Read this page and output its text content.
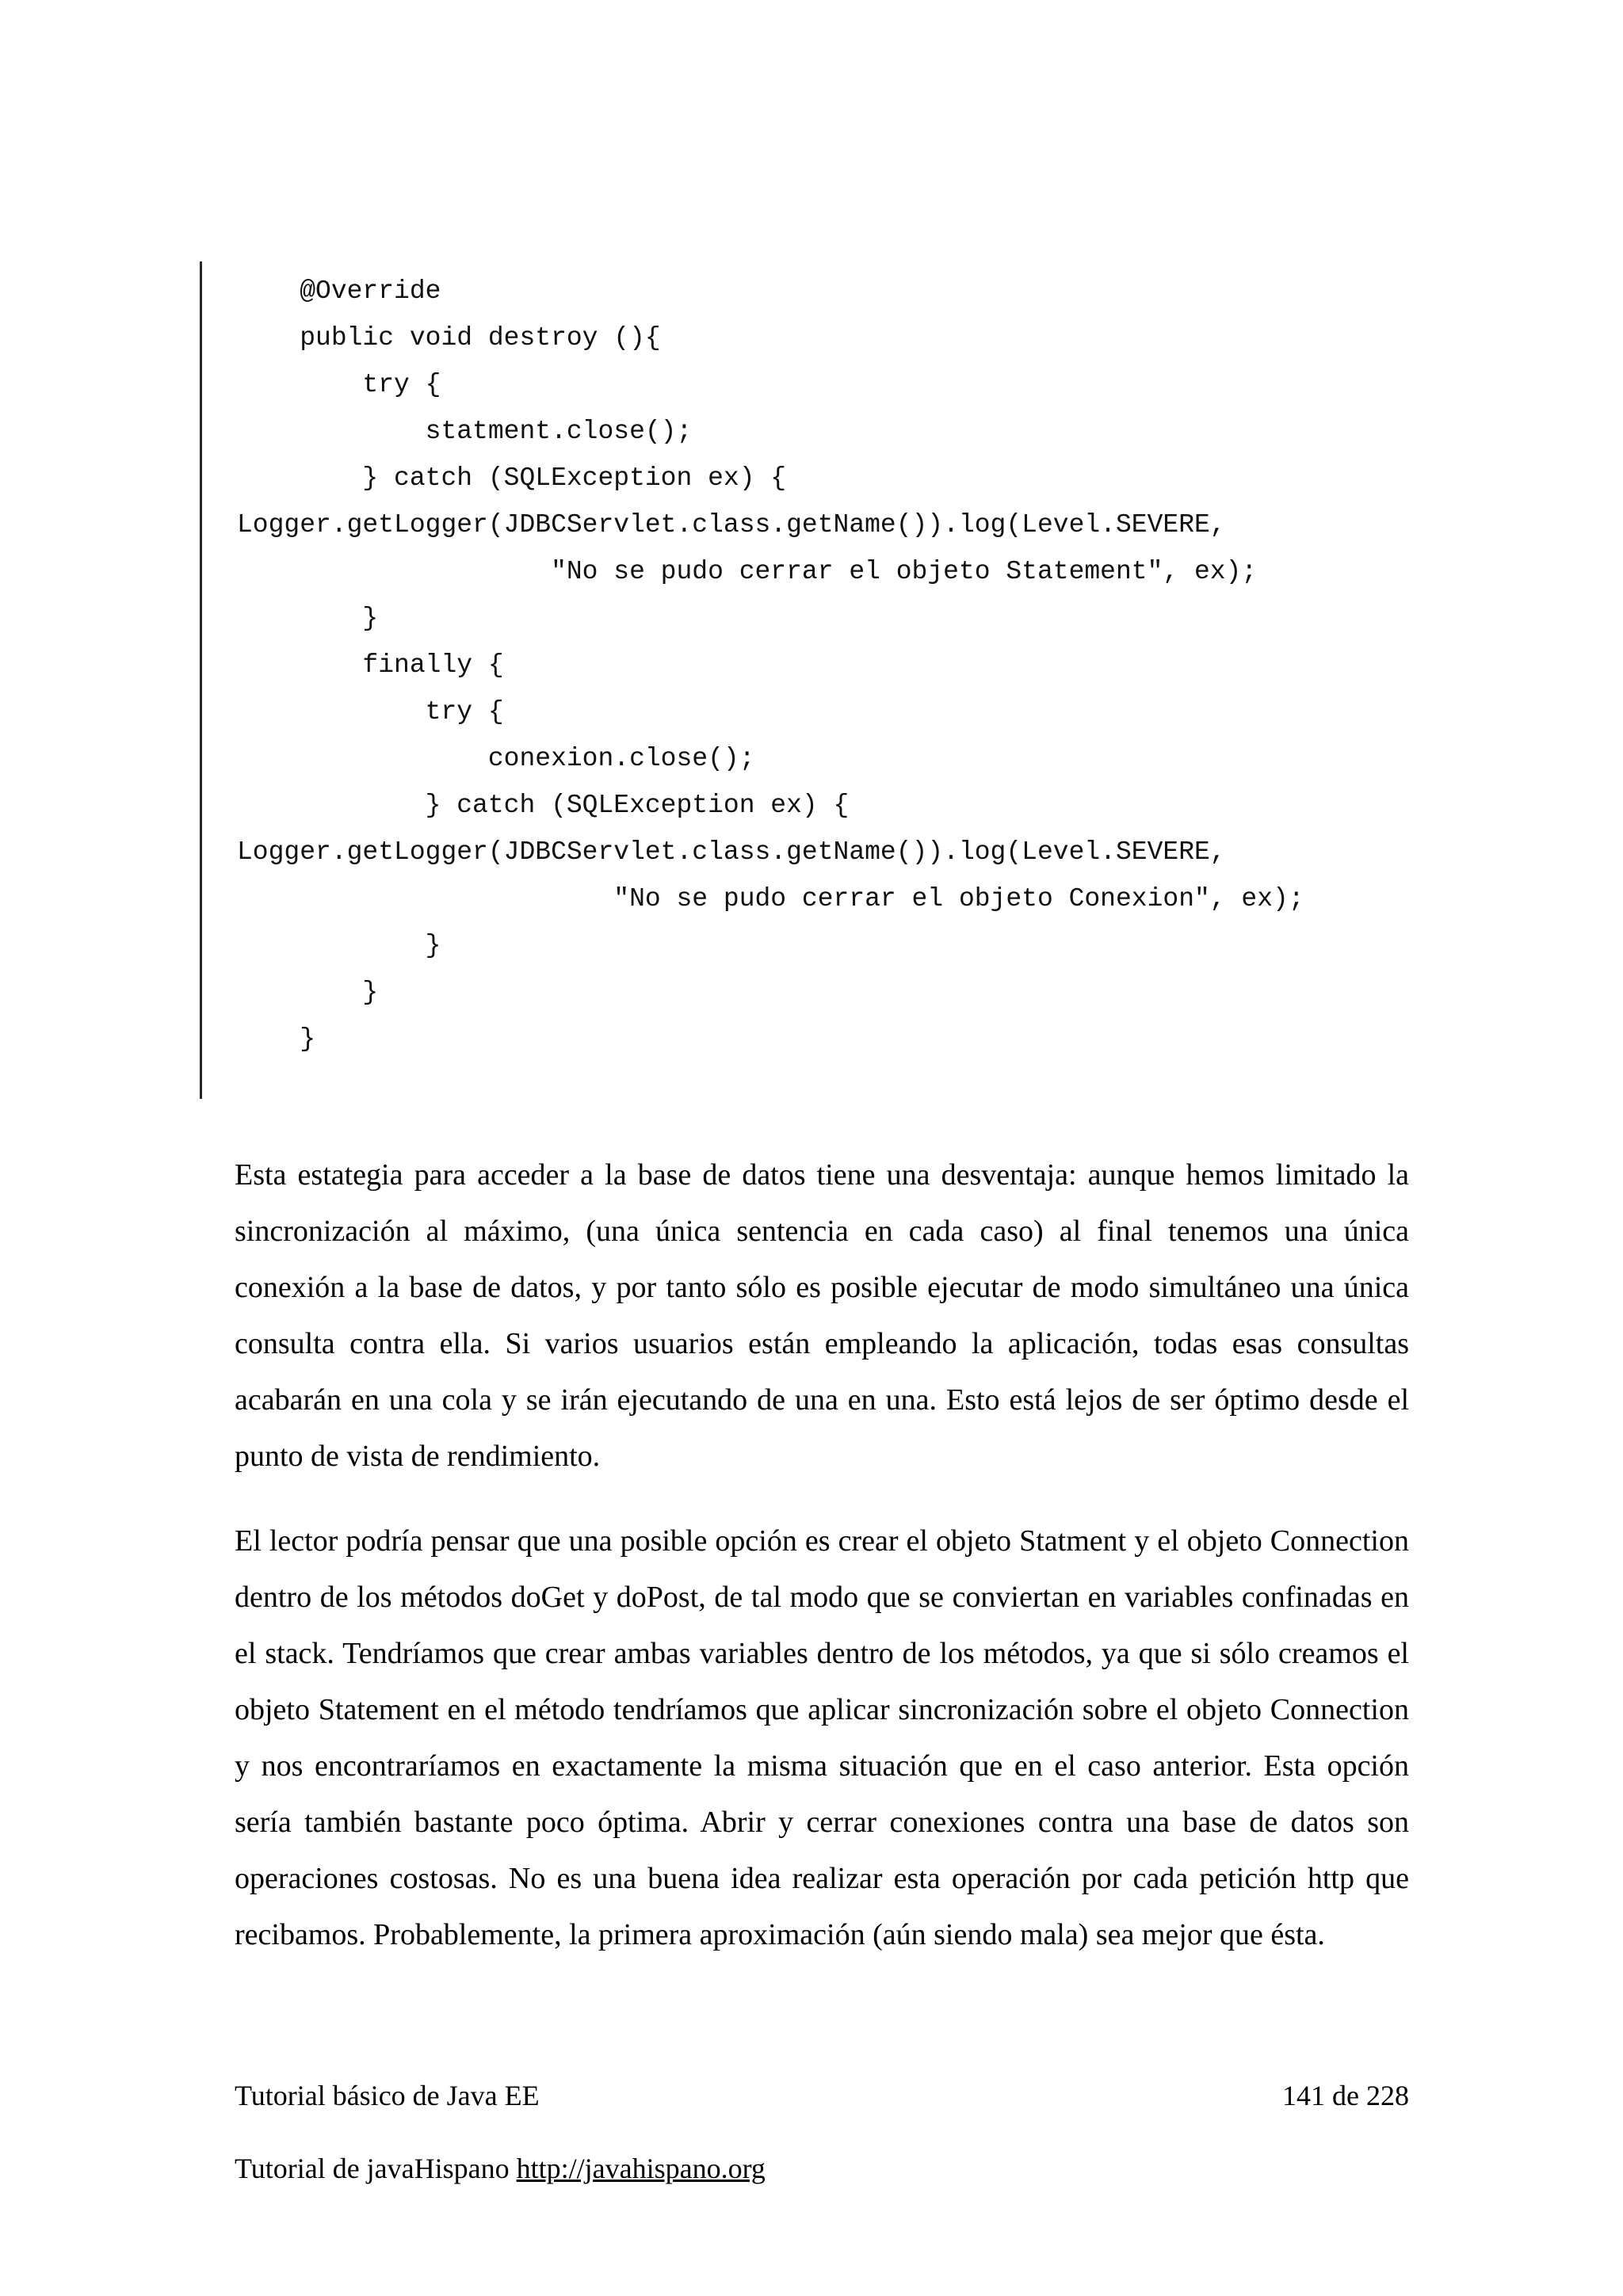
@Override
public void destroy (){
try {
statment.close();
} catch (SQLException ex) {
Logger.getLogger(JDBCServlet.class.getName()).log(Level.SEVERE,
"No se pudo cerrar el objeto Statement", ex);
}
finally {
try {
conexion.close();
} catch (SQLException ex) {
Logger.getLogger(JDBCServlet.class.getName()).log(Level.SEVERE,
"No se pudo cerrar el objeto Conexion", ex);
}
}
}

Esta estategia para acceder a la base de datos tiene una desventaja: aunque hemos limitado la sincronización al máximo, (una única sentencia en cada caso) al final tenemos una única conexión a la base de datos, y por tanto sólo es posible ejecutar de modo simultáneo una única consulta contra ella. Si varios usuarios están empleando la aplicación, todas esas consultas acabarán en una cola y se irán ejecutando de una en una. Esto está lejos de ser óptimo desde el punto de vista de rendimiento.

El lector podría pensar que una posible opción es crear el objeto Statment y el objeto Connection dentro de los métodos doGet y doPost, de tal modo que se conviertan en variables confinadas en el stack. Tendríamos que crear ambas variables dentro de los métodos, ya que si sólo creamos el objeto Statement en el método tendríamos que aplicar sincronización sobre el objeto Connection y nos encontraríamos en exactamente la misma situación que en el caso anterior. Esta opción sería también bastante poco óptima. Abrir y cerrar conexiones contra una base de datos son operaciones costosas. No es una buena idea realizar esta operación por cada petición http que recibamos. Probablemente, la primera aproximación (aún siendo mala) sea mejor que ésta.

Tutorial básico de Java EE	141 de 228
Tutorial de javaHispano http://javahispano.org
